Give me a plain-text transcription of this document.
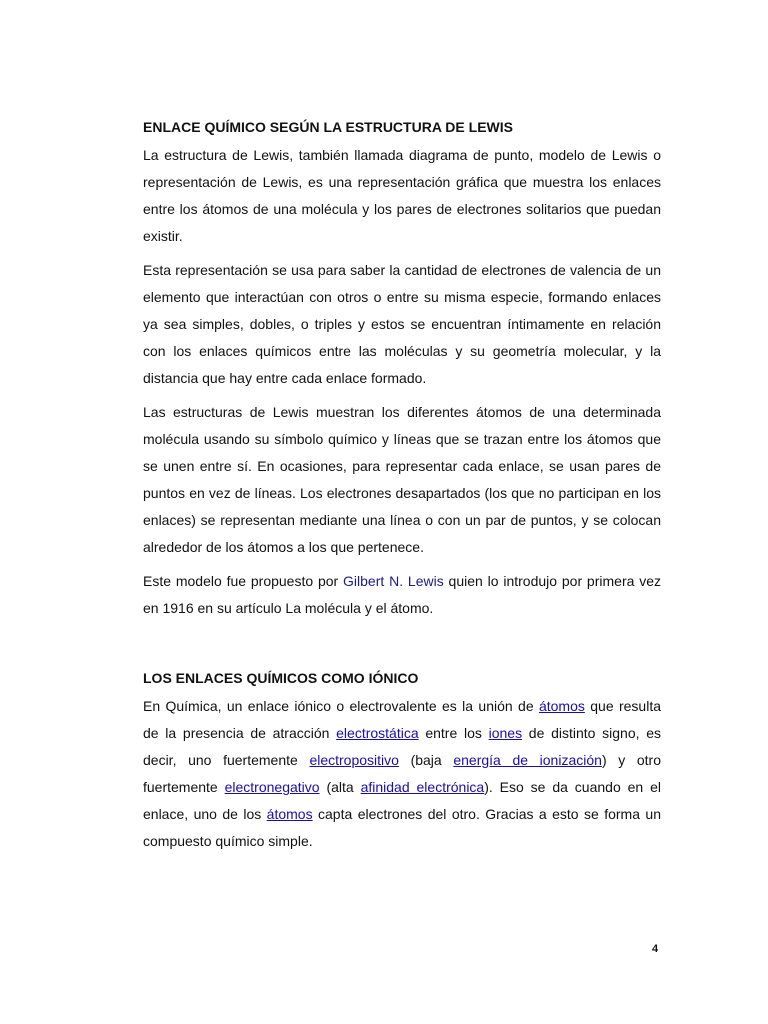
ENLACE QUÍMICO SEGÚN LA ESTRUCTURA DE LEWIS

La estructura de Lewis, también llamada diagrama de punto, modelo de Lewis o representación de Lewis, es una representación gráfica que muestra los enlaces entre los átomos de una molécula y los pares de electrones solitarios que puedan existir.

Esta representación se usa para saber la cantidad de electrones de valencia de un elemento que interactúan con otros o entre su misma especie, formando enlaces ya sea simples, dobles, o triples y estos se encuentran íntimamente en relación con los enlaces químicos entre las moléculas y su geometría molecular, y la distancia que hay entre cada enlace formado.

Las estructuras de Lewis muestran los diferentes átomos de una determinada molécula usando su símbolo químico y líneas que se trazan entre los átomos que se unen entre sí. En ocasiones, para representar cada enlace, se usan pares de puntos en vez de líneas. Los electrones desapartados (los que no participan en los enlaces) se representan mediante una línea o con un par de puntos, y se colocan alrededor de los átomos a los que pertenece.

Este modelo fue propuesto por Gilbert N. Lewis quien lo introdujo por primera vez en 1916 en su artículo La molécula y el átomo.

LOS ENLACES QUÍMICOS COMO IÓNICO

En Química, un enlace iónico o electrovalente es la unión de átomos que resulta de la presencia de atracción electrostática entre los iones de distinto signo, es decir, uno fuertemente electropositivo (baja energía de ionización) y otro fuertemente electronegativo (alta afinidad electrónica). Eso se da cuando en el enlace, uno de los átomos capta electrones del otro. Gracias a esto se forma un compuesto químico simple.

4
